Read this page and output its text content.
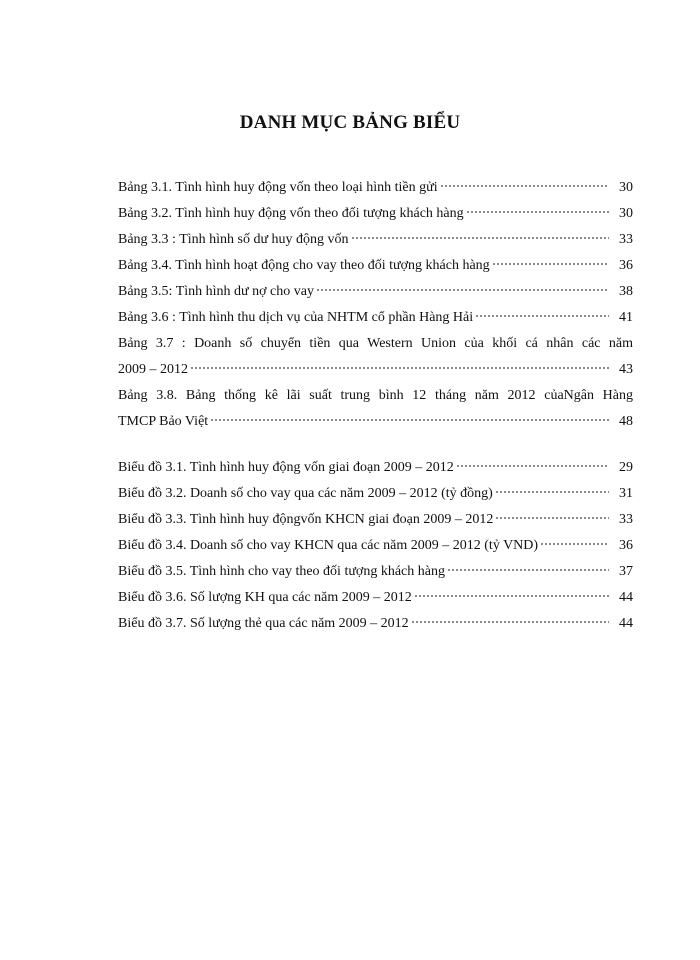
DANH MỤC BẢNG BIỂU
Bảng 3.1. Tình hình huy động vốn theo loại hình tiền gửi	30
Bảng 3.2. Tình hình huy động vốn theo đối tượng khách hàng	30
Bảng 3.3 : Tình hình số dư huy động vốn	33
Bảng 3.4. Tình hình hoạt động cho vay theo đối tượng khách hàng	36
Bảng 3.5: Tình hình dư nợ cho vay	38
Bảng 3.6 : Tình hình thu dịch vụ của NHTM cổ phần Hàng Hải	41
Bảng 3.7 : Doanh số chuyển tiền qua Western Union của khối cá nhân các năm
2009 – 2012	43
Bảng 3.8. Bảng thống kê lãi suất trung bình 12 tháng năm 2012 củaNgân Hàng
TMCP Bảo Việt	48
Biểu đồ 3.1. Tình hình huy động vốn giai đoạn 2009 – 2012	29
Biểu đồ 3.2. Doanh số cho vay qua các năm 2009 – 2012 (tỷ đồng)	31
Biểu đồ 3.3. Tình hình huy độngvốn KHCN giai đoạn 2009 – 2012	33
Biểu đồ 3.4. Doanh số cho vay KHCN qua các năm 2009 – 2012 (tỷ VND)	36
Biểu đồ 3.5. Tình hình cho vay theo đối tượng khách hàng	37
Biểu đồ 3.6. Số lượng KH qua các năm 2009 – 2012	44
Biểu đồ 3.7. Số lượng thẻ qua các năm 2009 – 2012	44
